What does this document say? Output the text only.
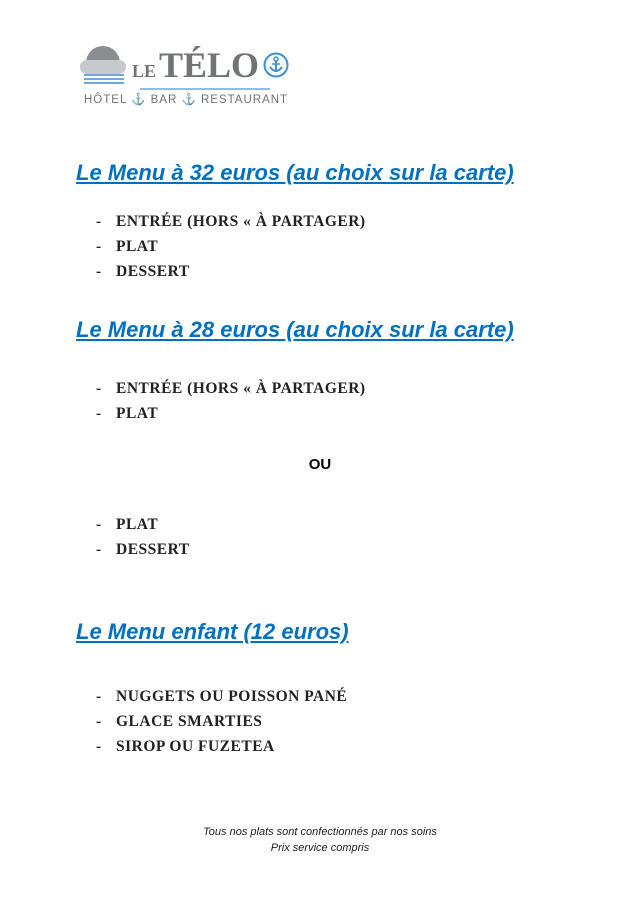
LE TÉLO
HÔTEL ⚓ BAR ⚓ RESTAURANT
Le Menu à 32 euros (au choix sur la carte)
- ENTRÉE (HORS « À PARTAGER)
- PLAT
- DESSERT
Le Menu à 28 euros (au choix sur la carte)
- ENTRÉE (HORS « À PARTAGER)
- PLAT
OU
- PLAT
- DESSERT
Le Menu enfant (12 euros)
- NUGGETS OU POISSON PANÉ
- GLACE SMARTIES
- SIROP OU FUZETEA
Tous nos plats sont confectionnés par nos soins
Prix service compris
